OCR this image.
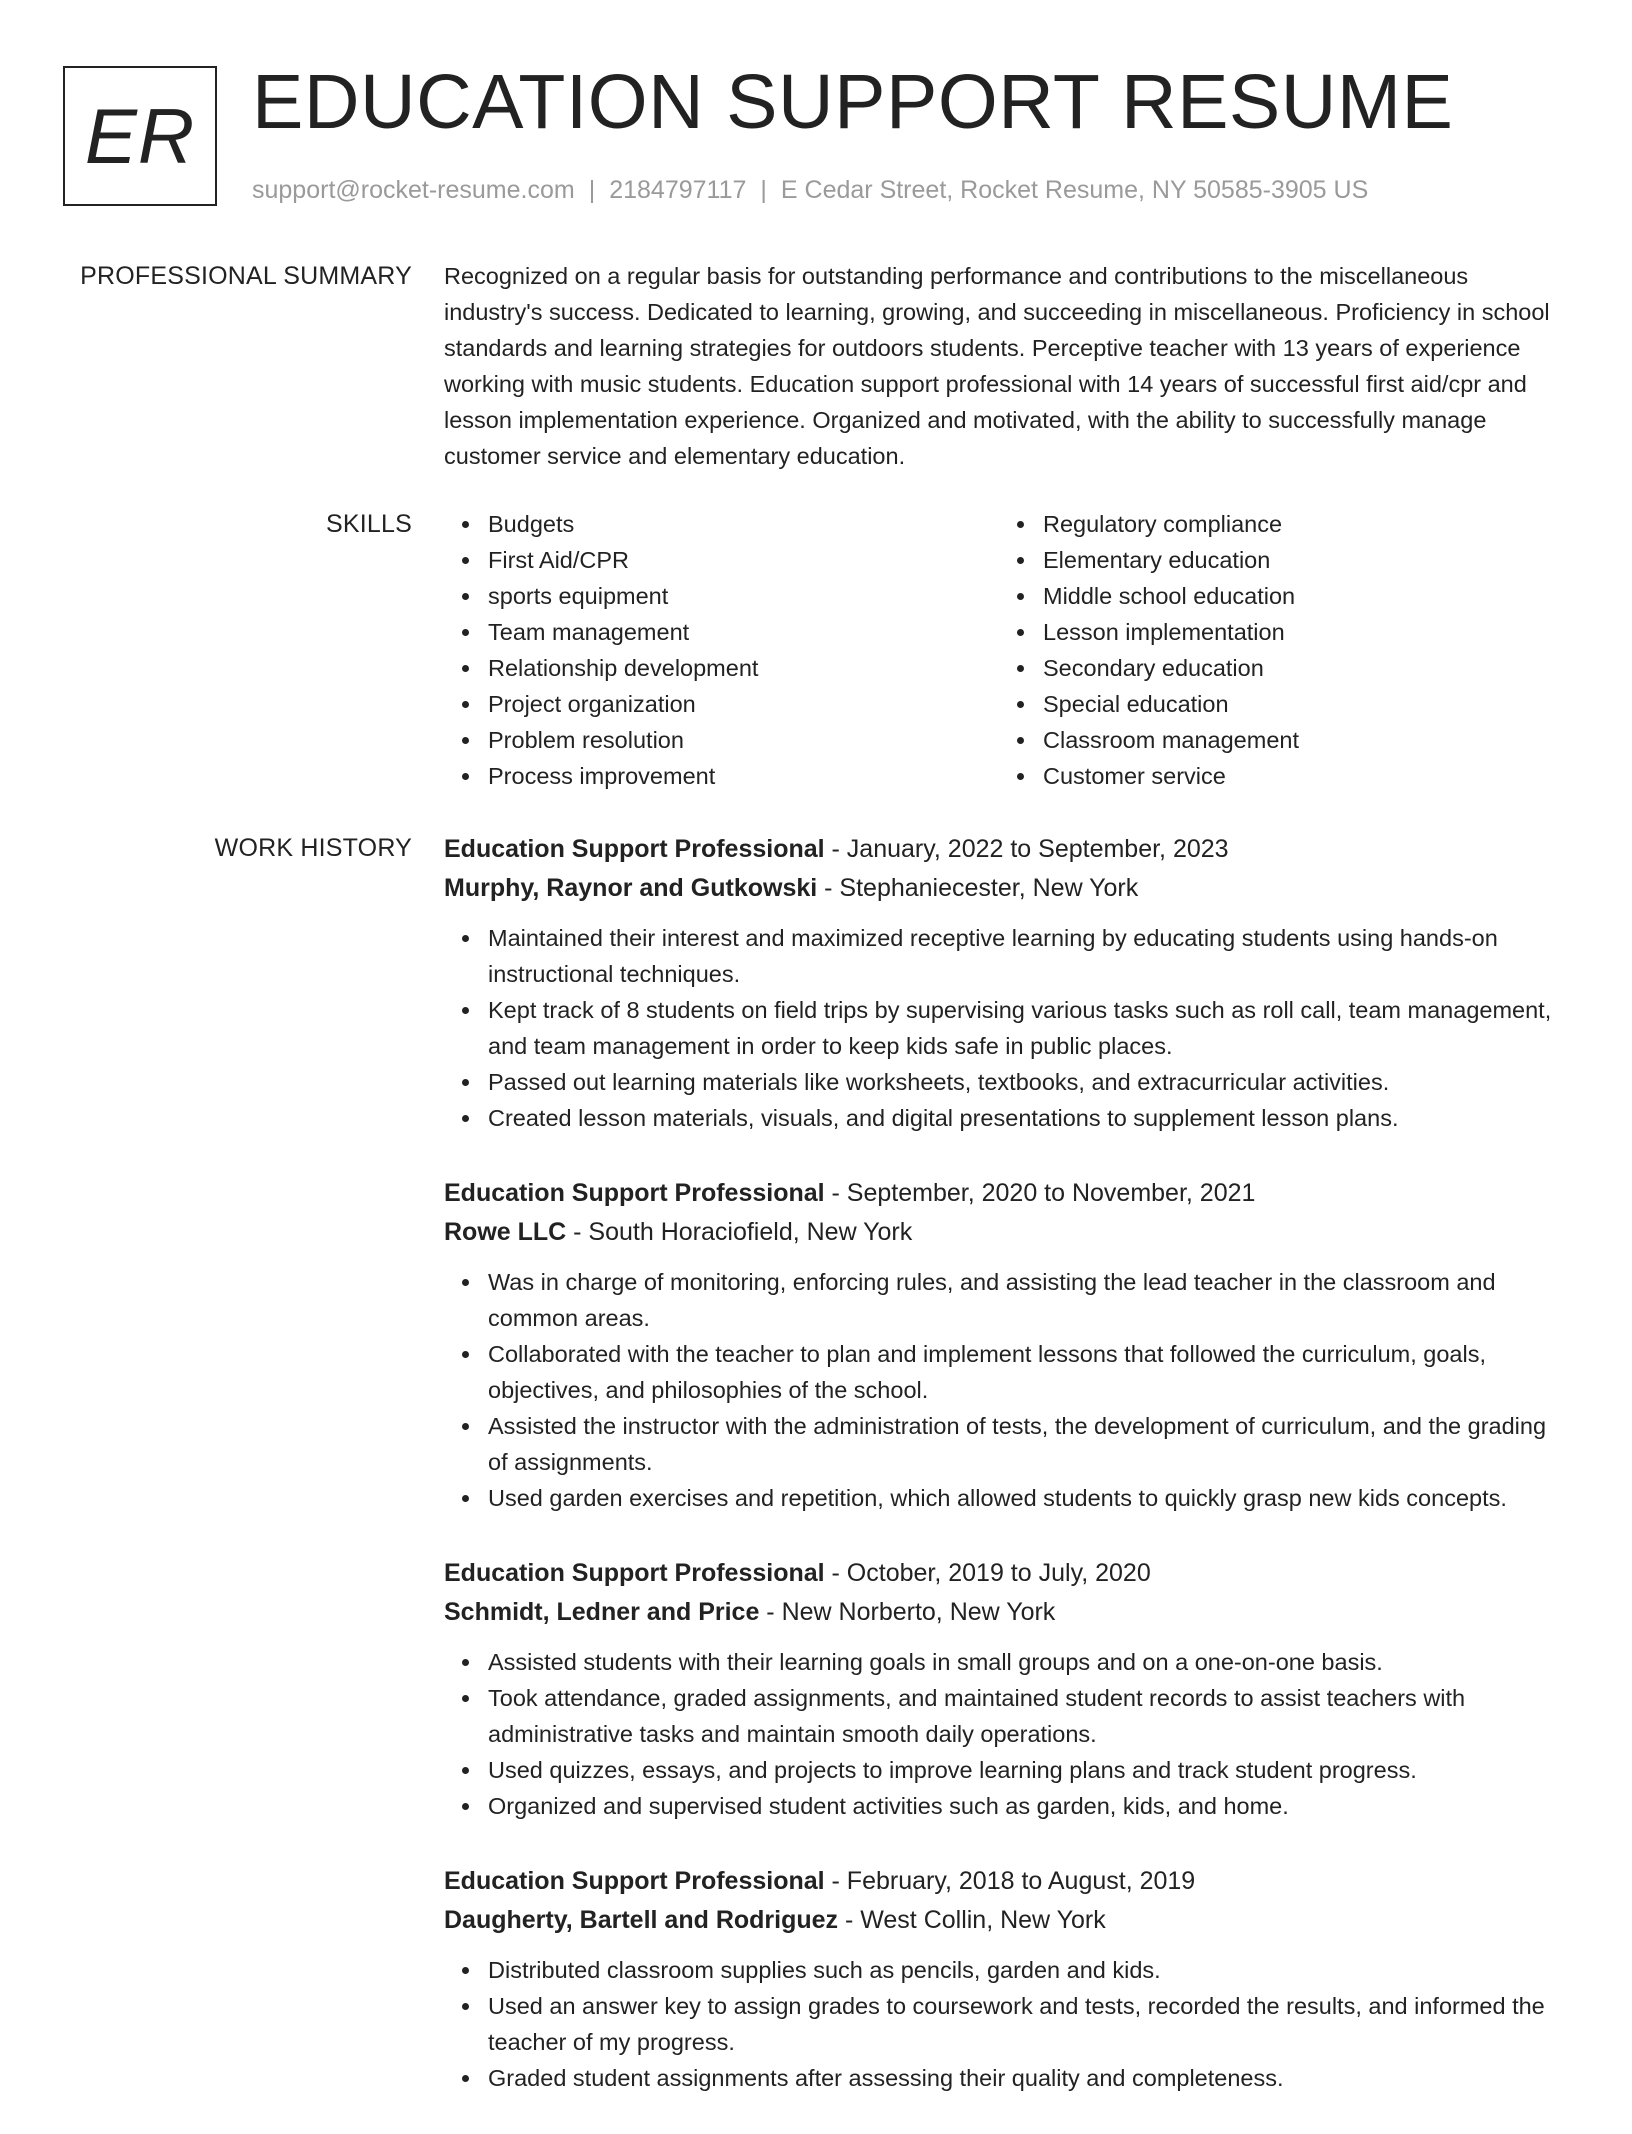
ER EDUCATION SUPPORT RESUME
support@rocket-resume.com | 2184797117 | E Cedar Street, Rocket Resume, NY 50585-3905 US
PROFESSIONAL SUMMARY Recognized on a regular basis for outstanding performance and contributions to the miscellaneous industry's success. Dedicated to learning, growing, and succeeding in miscellaneous. Proficiency in school standards and learning strategies for outdoors students. Perceptive teacher with 13 years of experience working with music students. Education support professional with 14 years of successful first aid/cpr and lesson implementation experience. Organized and motivated, with the ability to successfully manage customer service and elementary education.

SKILLS	Budgets
First Aid/CPR
sports equipment
Team management
Relationship development
Project organization
Problem resolution
Process improvement
Regulatory compliance
Elementary education
Middle school education
Lesson implementation
Secondary education
Special education
Classroom management
Customer service
WORK HISTORY Education Support Professional - January, 2022 to September, 2023
Murphy, Raynor and Gutkowski - Stephaniecester, New York
Maintained their interest and maximized receptive learning by educating students using hands-on instructional techniques.
Kept track of 8 students on field trips by supervising various tasks such as roll call, team management, and team management in order to keep kids safe in public places.
Passed out learning materials like worksheets, textbooks, and extracurricular activities.
Created lesson materials, visuals, and digital presentations to supplement lesson plans.
Education Support Professional - September, 2020 to November, 2021
Rowe LLC - South Horaciofield, New York
Was in charge of monitoring, enforcing rules, and assisting the lead teacher in the classroom and common areas.
Collaborated with the teacher to plan and implement lessons that followed the curriculum, goals, objectives, and philosophies of the school.
Assisted the instructor with the administration of tests, the development of curriculum, and the grading of assignments.
Used garden exercises and repetition, which allowed students to quickly grasp new kids concepts.
Education Support Professional - October, 2019 to July, 2020
Schmidt, Ledner and Price - New Norberto, New York
Assisted students with their learning goals in small groups and on a one-on-one basis.
Took attendance, graded assignments, and maintained student records to assist teachers with administrative tasks and maintain smooth daily operations.
Used quizzes, essays, and projects to improve learning plans and track student progress.
Organized and supervised student activities such as garden, kids, and home.
Education Support Professional - February, 2018 to August, 2019
Daugherty, Bartell and Rodriguez - West Collin, New York
Distributed classroom supplies such as pencils, garden and kids.
Used an answer key to assign grades to coursework and tests, recorded the results, and informed the teacher of my progress.
Graded student assignments after assessing their quality and completeness.
